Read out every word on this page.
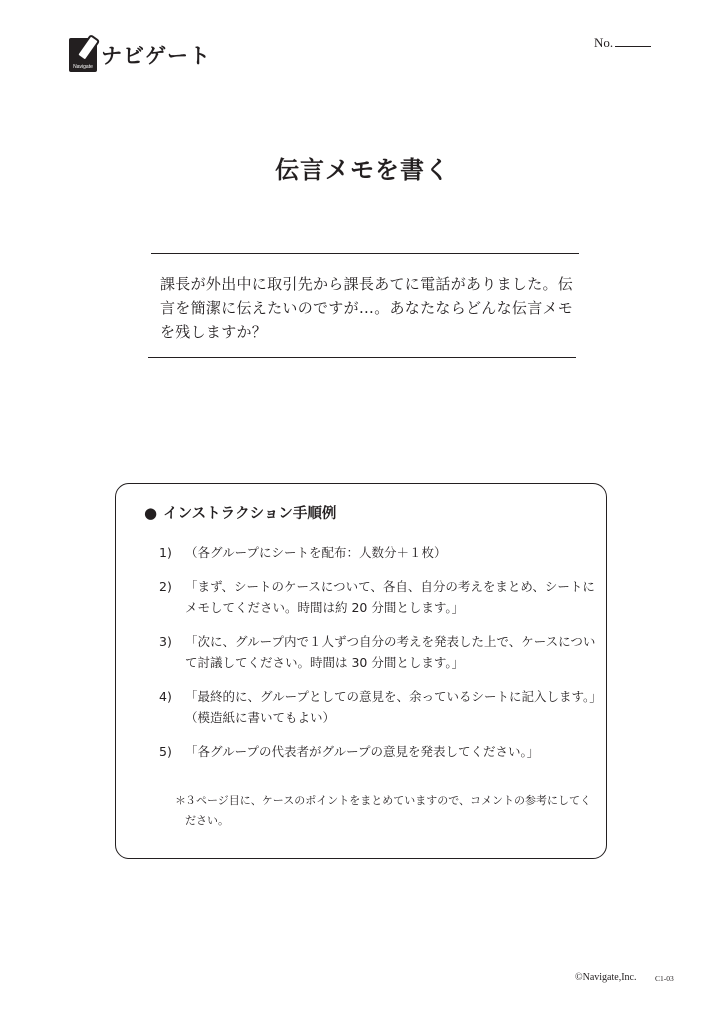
Navigate ナビゲート
No.
伝言メモを書く

課長が外出中に取引先から課長あてに電話がありました。伝言を簡潔に伝えたいのですが…。あなたならどんな伝言メモを残しますか？

● インストラクション手順例
1) （各グループにシートを配布：人数分＋１枚）
2) 「まず、シートのケースについて、各自、自分の考えをまとめ、シートにメモしてください。時間は約 20 分間とします。」
3) 「次に、グループ内で１人ずつ自分の考えを発表した上で、ケースについて討議してください。時間は 30 分間とします。」
4) 「最終的に、グループとしての意見を、余っているシートに記入します。」（模造紙に書いてもよい）
5) 「各グループの代表者がグループの意見を発表してください。」

＊ ３ページ目に、ケースのポイントをまとめていますので、コメントの参考にしてください。

©Navigate,Inc. C1-03
